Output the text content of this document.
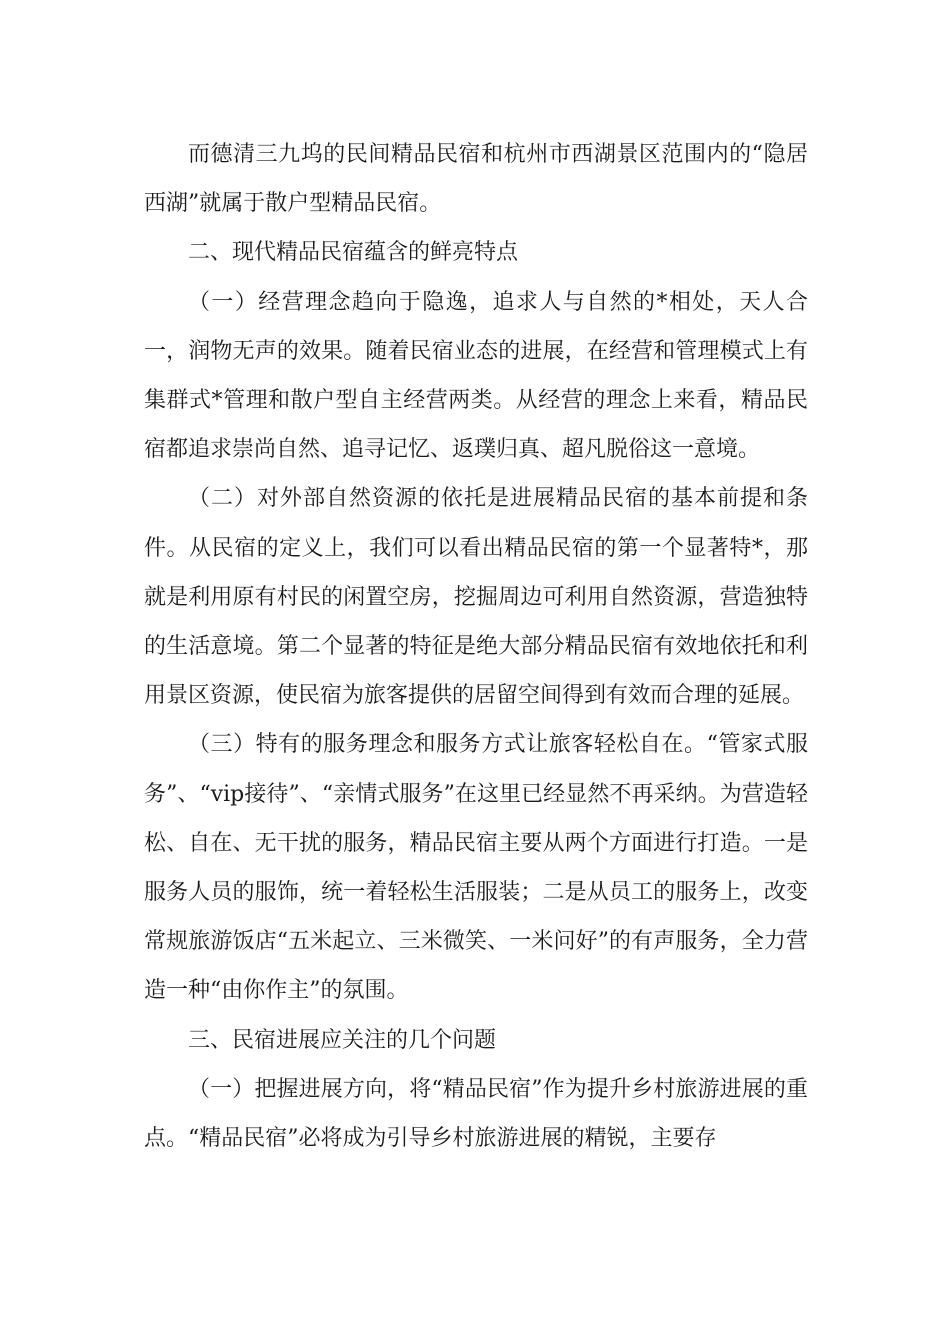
而德清三九坞的民间精品民宿和杭州市西湖景区范围内的“隐居西湖”就属于散户型精品民宿。

二、现代精品民宿蕴含的鲜亮特点

（一）经营理念趋向于隐逸，追求人与自然的*相处，天人合一，润物无声的效果。随着民宿业态的进展，在经营和管理模式上有集群式*管理和散户型自主经营两类。从经营的理念上来看，精品民宿都追求崇尚自然、追寻记忆、返璞归真、超凡脱俗这一意境。

（二）对外部自然资源的依托是进展精品民宿的基本前提和条件。从民宿的定义上，我们可以看出精品民宿的第一个显著特*，那就是利用原有村民的闲置空房，挖掘周边可利用自然资源，营造独特的生活意境。第二个显著的特征是绝大部分精品民宿有效地依托和利用景区资源，使民宿为旅客提供的居留空间得到有效而合理的延展。

（三）特有的服务理念和服务方式让旅客轻松自在。“管家式服务”、“vip接待”、“亲情式服务”在这里已经显然不再采纳。为营造轻松、自在、无干扰的服务，精品民宿主要从两个方面进行打造。一是服务人员的服饰，统一着轻松生活服装；二是从员工的服务上，改变常规旅游饭店“五米起立、三米微笑、一米问好”的有声服务，全力营造一种“由你作主”的氛围。

三、民宿进展应关注的几个问题

（一）把握进展方向，将“精品民宿”作为提升乡村旅游进展的重点。“精品民宿”必将成为引导乡村旅游进展的精锐，主要存
